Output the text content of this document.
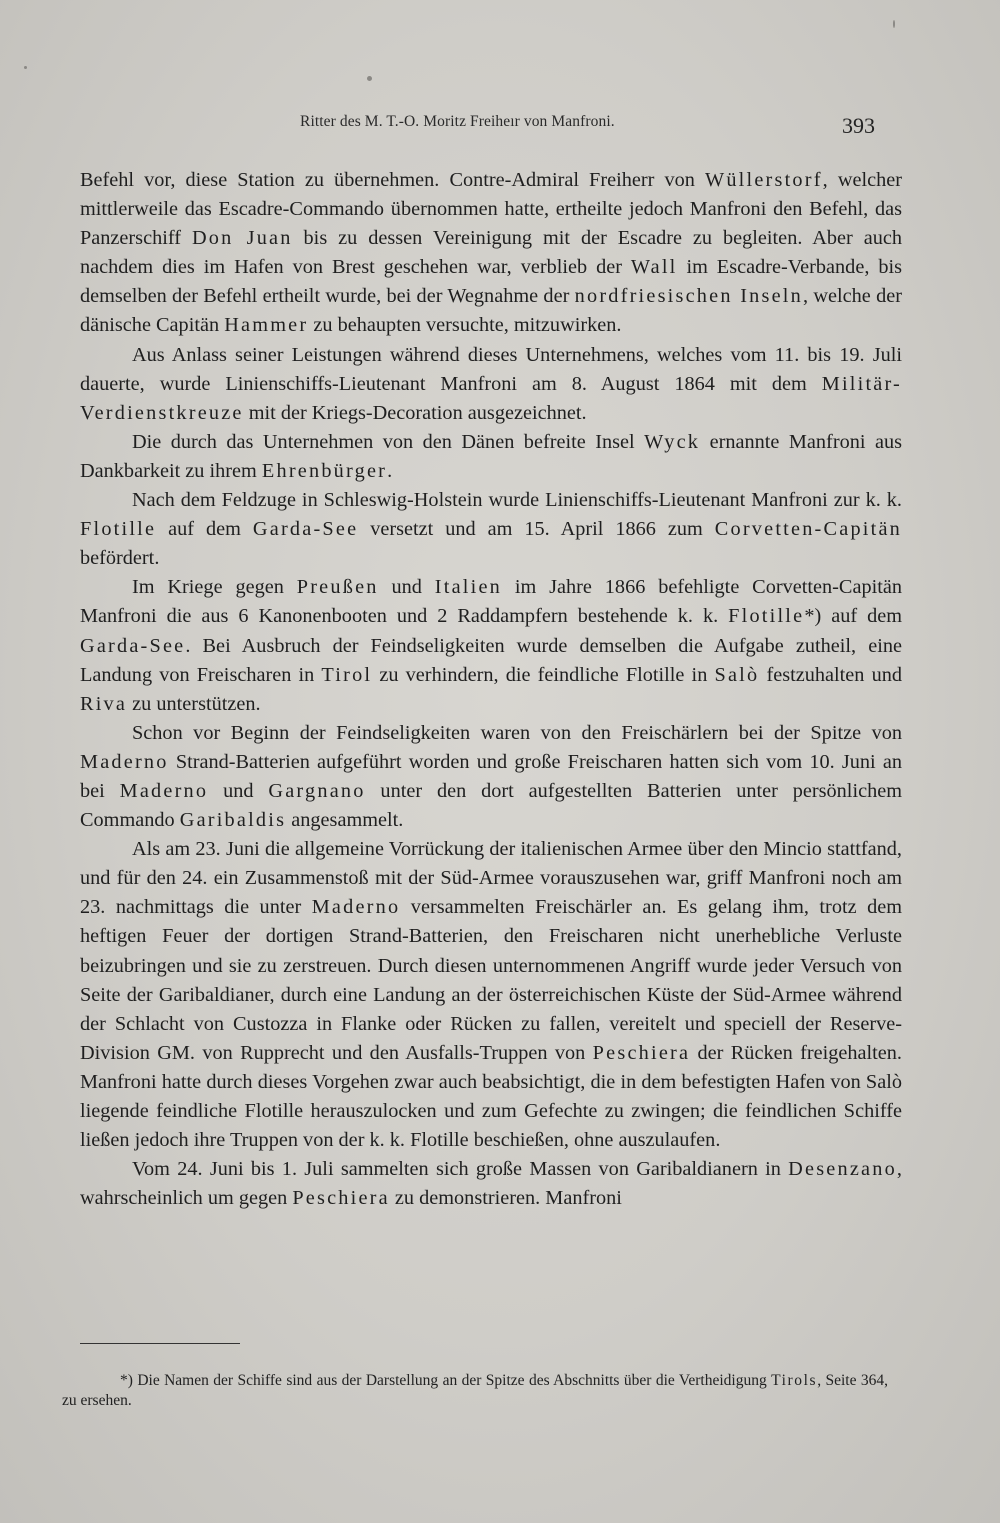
Ritter des M. T.-O. Moritz Freiheır von Manfroni.	393

Befehl vor, diese Station zu übernehmen. Contre-Admiral Freiherr von Wüllerstorf, welcher mittlerweile das Escadre-Commando übernommen hatte, ertheilte jedoch Manfroni den Befehl, das Panzerschiff Don Juan bis zu dessen Vereinigung mit der Escadre zu begleiten. Aber auch nachdem dies im Hafen von Brest geschehen war, verblieb der Wall im Escadre-Verbande, bis demselben der Befehl ertheilt wurde, bei der Wegnahme der nordfriesischen Inseln, welche der dänische Capitän Hammer zu behaupten versuchte, mitzuwirken.

Aus Anlass seiner Leistungen während dieses Unternehmens, welches vom 11. bis 19. Juli dauerte, wurde Linienschiffs-Lieutenant Manfroni am 8. August 1864 mit dem Militär-Verdienstkreuze mit der Kriegs-Decoration ausgezeichnet.

Die durch das Unternehmen von den Dänen befreite Insel Wyck ernannte Manfroni aus Dankbarkeit zu ihrem Ehrenbürger.

Nach dem Feldzuge in Schleswig-Holstein wurde Linienschiffs-Lieutenant Manfroni zur k. k. Flotille auf dem Garda-See versetzt und am 15. April 1866 zum Corvetten-Capitän befördert.

Im Kriege gegen Preußen und Italien im Jahre 1866 befehligte Corvetten-Capitän Manfroni die aus 6 Kanonenbooten und 2 Raddampfern bestehende k. k. Flotille*) auf dem Garda-See. Bei Ausbruch der Feindseligkeiten wurde demselben die Aufgabe zutheil, eine Landung von Freischaren in Tirol zu verhindern, die feindliche Flotille in Salò festzuhalten und Riva zu unterstützen.

Schon vor Beginn der Feindseligkeiten waren von den Freischärlern bei der Spitze von Maderno Strand-Batterien aufgeführt worden und große Freischaren hatten sich vom 10. Juni an bei Maderno und Gargnano unter den dort aufgestellten Batterien unter persönlichem Commando Garibaldis angesammelt.

Als am 23. Juni die allgemeine Vorrückung der italienischen Armee über den Mincio stattfand, und für den 24. ein Zusammenstoß mit der Süd-Armee vorauszusehen war, griff Manfroni noch am 23. nachmittags die unter Maderno versammelten Freischärler an. Es gelang ihm, trotz dem heftigen Feuer der dortigen Strand-Batterien, den Freischaren nicht unerhebliche Verluste beizubringen und sie zu zerstreuen. Durch diesen unternommenen Angriff wurde jeder Versuch von Seite der Garibaldianer, durch eine Landung an der österreichischen Küste der Süd-Armee während der Schlacht von Custozza in Flanke oder Rücken zu fallen, vereitelt und speciell der Reserve-Division GM. von Rupprecht und den Ausfalls-Truppen von Peschiera der Rücken freigehalten. Manfroni hatte durch dieses Vorgehen zwar auch beabsichtigt, die in dem befestigten Hafen von Salò liegende feindliche Flotille herauszulocken und zum Gefechte zu zwingen; die feindlichen Schiffe ließen jedoch ihre Truppen von der k. k. Flotille beschießen, ohne auszulaufen.

Vom 24. Juni bis 1. Juli sammelten sich große Massen von Garibaldianern in Desenzano, wahrscheinlich um gegen Peschiera zu demonstrieren. Manfroni

*) Die Namen der Schiffe sind aus der Darstellung an der Spitze des Abschnitts über die Vertheidigung Tirols, Seite 364, zu ersehen.
